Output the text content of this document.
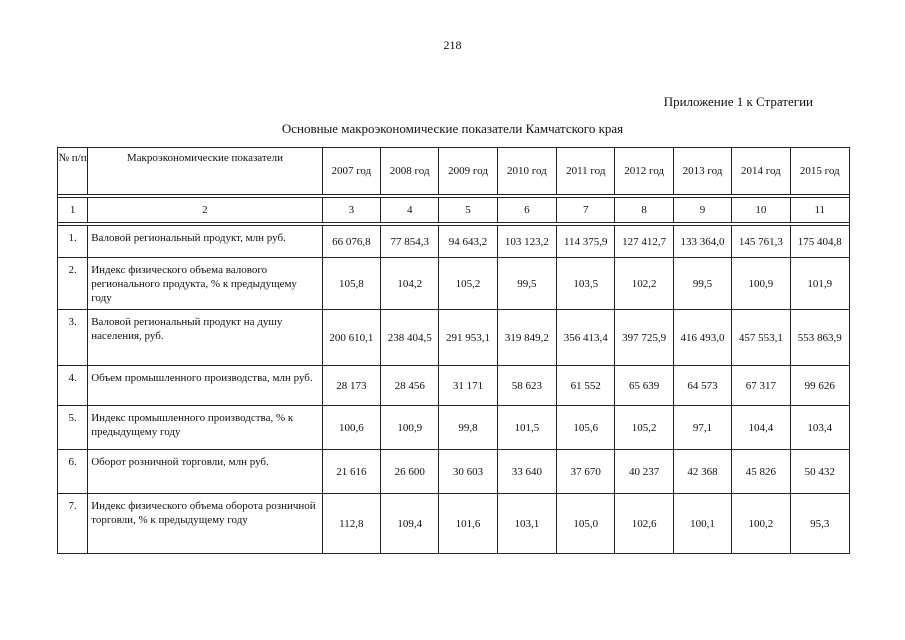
218
Приложение 1 к Стратегии
Основные макроэкономические показатели Камчатского края
№ п/п	Макроэкономические показатели	2007 год	2008 год	2009 год	2010 год	2011 год	2012 год	2013 год	2014 год	2015 год

1	2	3	4	5	6	7	8	9	10	11

1.	Валовой региональный продукт, млн руб.	66 076,8	77 854,3	94 643,2	103 123,2	114 375,9	127 412,7	133 364,0	145 761,3	175 404,8
2.	Индекс физического объема валового регионального продукта, % к предыдущему году	105,8	104,2	105,2	99,5	103,5	102,2	99,5	100,9	101,9
3.	Валовой региональный продукт на душу населения, руб.	200 610,1	238 404,5	291 953,1	319 849,2	356 413,4	397 725,9	416 493,0	457 553,1	553 863,9
4.	Объем промышленного производства, млн руб.	28 173	28 456	31 171	58 623	61 552	65 639	64 573	67 317	99 626
5.	Индекс промышленного производства, % к предыдущему году	100,6	100,9	99,8	101,5	105,6	105,2	97,1	104,4	103,4
6.	Оборот розничной торговли, млн руб.	21 616	26 600	30 603	33 640	37 670	40 237	42 368	45 826	50 432
7.	Индекс физического объема оборота розничной торговли, % к предыдущему году	112,8	109,4	101,6	103,1	105,0	102,6	100,1	100,2	95,3
